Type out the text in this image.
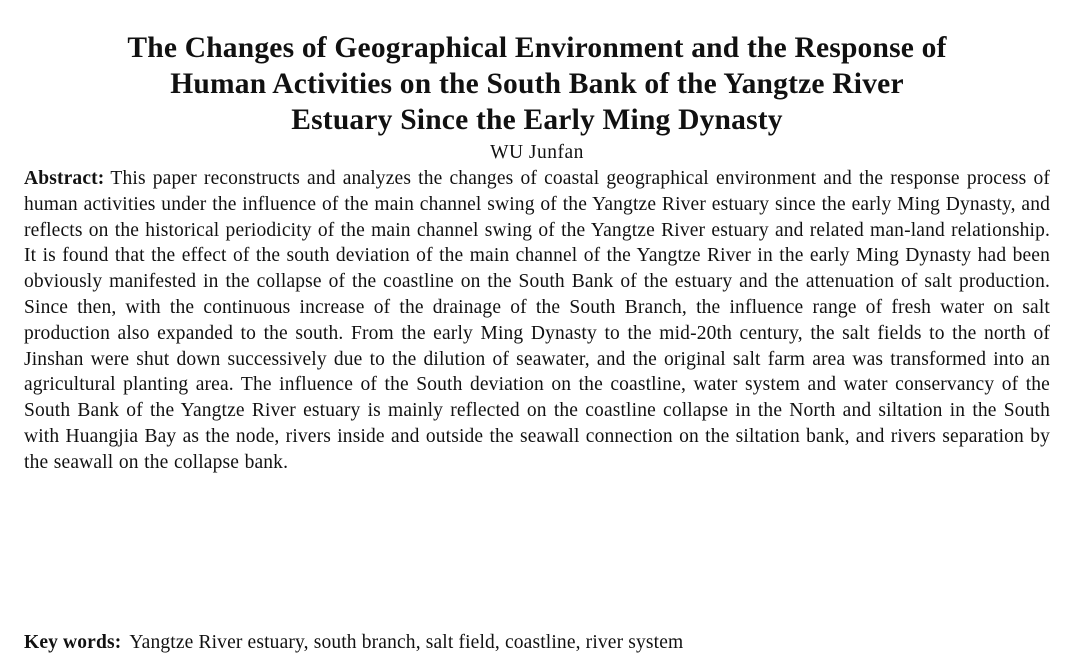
The Changes of Geographical Environment and the Response of
Human Activities on the South Bank of the Yangtze River
Estuary Since the Early Ming Dynasty
WU Junfan

Abstract: This paper reconstructs and analyzes the changes of coastal geographical environment and the response process of human activities under the influence of the main channel swing of the Yangtze River estuary since the early Ming Dynasty, and reflects on the historical periodicity of the main channel swing of the Yangtze River estuary and related man-land relationship. It is found that the effect of the south deviation of the main channel of the Yangtze River in the early Ming Dynasty had been obviously manifested in the collapse of the coastline on the South Bank of the estuary and the attenuation of salt production. Since then, with the continuous increase of the drainage of the South Branch, the influence range of fresh water on salt production also expanded to the south. From the early Ming Dynasty to the mid-20th century, the salt fields to the north of Jinshan were shut down successively due to the dilution of seawater, and the original salt farm area was transformed into an agricultural planting area. The influence of the South deviation on the coastline, water system and water conservancy of the South Bank of the Yangtze River estuary is mainly reflected on the coastline collapse in the North and siltation in the South with Huangjia Bay as the node, rivers inside and outside the seawall connection on the siltation bank, and rivers separation by the seawall on the collapse bank.

Key words: Yangtze River estuary, south branch, salt field, coastline, river system
